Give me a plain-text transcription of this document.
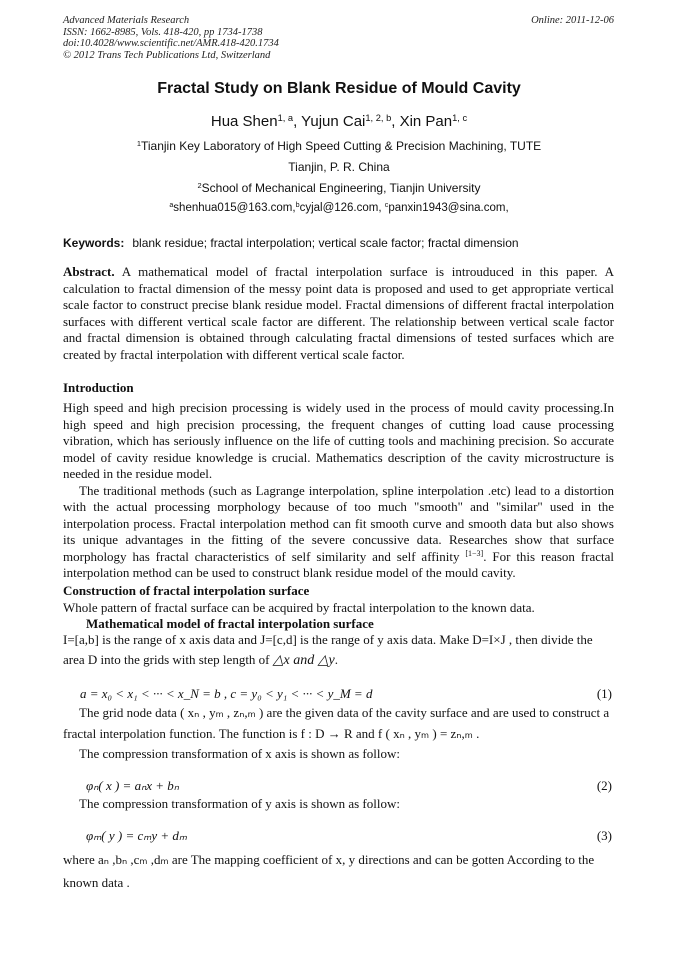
Advanced Materials Research
ISSN: 1662-8985, Vols. 418-420, pp 1734-1738
doi:10.4028/www.scientific.net/AMR.418-420.1734
© 2012 Trans Tech Publications Ltd, Switzerland
Online: 2011-12-06
Fractal Study on Blank Residue of Mould Cavity
Hua Shen$^{1, a}$, Yujun Cai$^{1, 2, b}$, Xin Pan$^{1, c}$
$^1$Tianjin Key Laboratory of High Speed Cutting & Precision Machining, TUTE
Tianjin, P. R. China
$^2$School of Mechanical Engineering, Tianjin University
$^a$shenhua015@163.com,$^b$cyjal@126.com, $^c$panxin1943@sina.com,
Keywords: blank residue; fractal interpolation; vertical scale factor; fractal dimension
Abstract. A mathematical model of fractal interpolation surface is introuduced in this paper. A calculation to fractal dimension of the messy point data is proposed and used to get appropriate vertical scale factor to construct precise blank residue model. Fractal dimensions of different fractal interpolation surfaces with different vertical scale factor are different. The relationship between vertical scale factor and fractal dimension is obtained through calculating fractal dimensions of tested surfaces which are created by fractal interpolation with different vertical scale factor.
Introduction
High speed and high precision processing is widely used in the process of mould cavity processing.In high speed and high precision processing, the frequent changes of cutting load cause processing vibration, which has seriously influence on the life of cutting tools and machining precision. So accurate model of cavity residue knowledge is crucial. Mathematics description of the cavity microstructure is needed in the residue model.
The traditional methods (such as Lagrange interpolation, spline interpolation .etc) lead to a distortion with the actual processing morphology because of too much "smooth" and "similar" used in the interpolation process. Fractal interpolation method can fit smooth curve and smooth data but also shows its unique advantages in the fitting of the severe concussive data. Researches show that surface morphology has fractal characteristics of self similarity and self affinity [1−3]. For this reason fractal interpolation method can be used to construct blank residue model of the mould cavity.
Construction of fractal interpolation surface
Whole pattern of fractal surface can be acquired by fractal interpolation to the known data.
Mathematical model of fractal interpolation surface
I=[a,b] is the range of x axis data and J=[c,d] is the range of y axis data. Make D=I×J , then divide the
area D into the grids with step length of △x and △y.
a = x₀ < x₁ < ··· < x_N = b , c = y₀ < y₁ < ··· < y_M = d	(1)
The grid node data ( xₙ , yₘ , zₙ,ₘ ) are the given data of the cavity surface and are used to construct a
fractal interpolation function. The function is f : D → R and f ( xₙ , yₘ ) = zₙ,ₘ .
The compression transformation of x axis is shown as follow:
φₙ( x ) = aₙx + bₙ	(2)
The compression transformation of y axis is shown as follow:
φₘ( y ) = cₘy + dₘ	(3)
where aₙ ,bₙ ,cₘ ,dₘ are The mapping coefficient of x, y directions and can be gotten According to the
known data .
